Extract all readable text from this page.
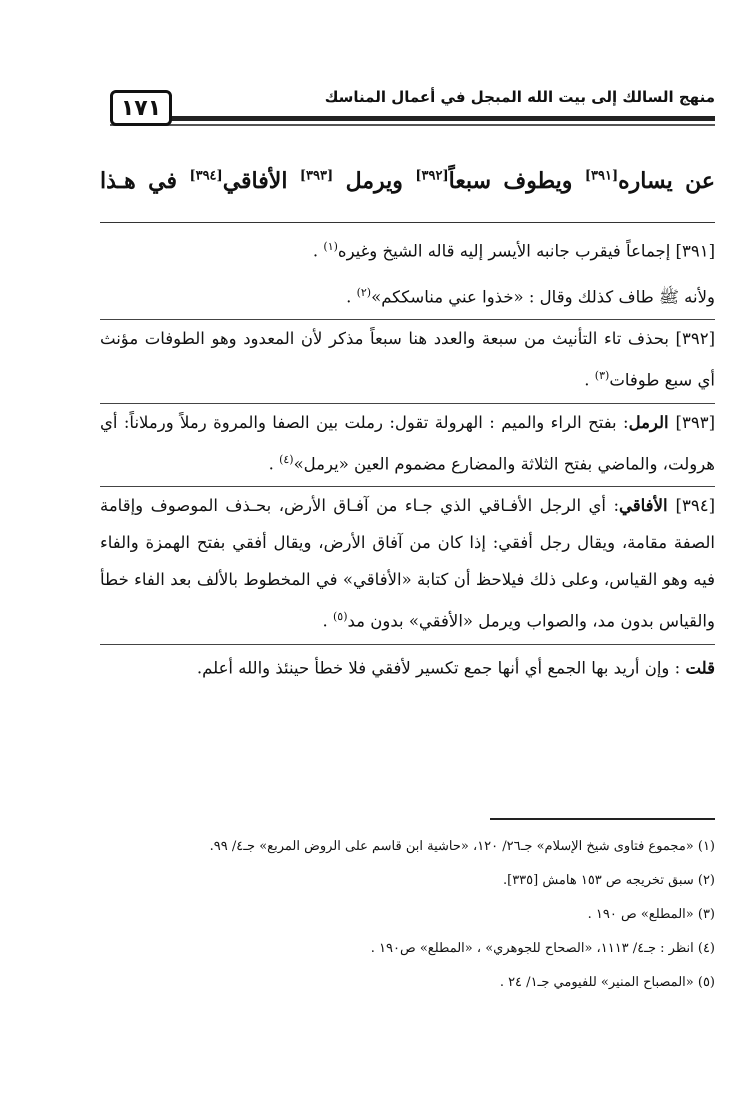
١٧١	منهج السالك إلى بيت الله المبجل في أعمال المناسك
عن يساره[٣٩١] ويطوف سبعاً[٣٩٢] ويرمل [٣٩٣] الأفاقي[٣٩٤] في هـذا

[٣٩١] إجماعاً فيقرب جانبه الأيسر إليه قاله الشيخ وغيره$^{(١)}$ .

ولأنه ﷺ طاف كذلك وقال : «خذوا عني مناسككم»$^{(٢)}$ .

[٣٩٢] بحذف تاء التأنيث من سبعة والعدد هنا سبعاً مذكر لأن المعدود وهو الطوفات مؤنث أي سبع طوفات$^{(٣)}$ .

[٣٩٣] الرمل: بفتح الراء والميم : الهرولة تقول: رملت بين الصفا والمروة رملاً ورملاناً: أي هرولت، والماضي بفتح الثلاثة والمضارع مضموم العين «يرمل»$^{(٤)}$ .

[٣٩٤] الأفاقي: أي الرجل الأفـاقي الذي جـاء من آفـاق الأرض، بحـذف الموصوف وإقامة الصفة مقامة، ويقال رجل أفقي: إذا كان من آفاق الأرض، ويقال أفقي بفتح الهمزة والفاء فيه وهو القياس، وعلى ذلك فيلاحظ أن كتابة «الأفاقي» في المخطوط بالألف بعد الفاء خطأ والقياس بدون مد، والصواب ويرمل «الأفقي» بدون مد$^{(٥)}$ .

قلت : وإن أريد بها الجمع أي أنها جمع تكسير لأفقي فلا خطأ حينئذ والله أعلم.

(١) «مجموع فتاوى شيخ الإسلام» جـ٢٦/ ١٢٠، «حاشية ابن قاسم على الروض المربع» جـ٤/ ٩٩.

(٢) سبق تخريجه ص ١٥٣ هامش [٣٣٥].

(٣) «المطلع» ص ١٩٠ .

(٤) انظر : جـ٤/ ١١١٣، «الصحاح للجوهري» ، «المطلع» ص١٩٠ .

(٥) «المصباح المنير» للفيومي جـ١/ ٢٤ .
